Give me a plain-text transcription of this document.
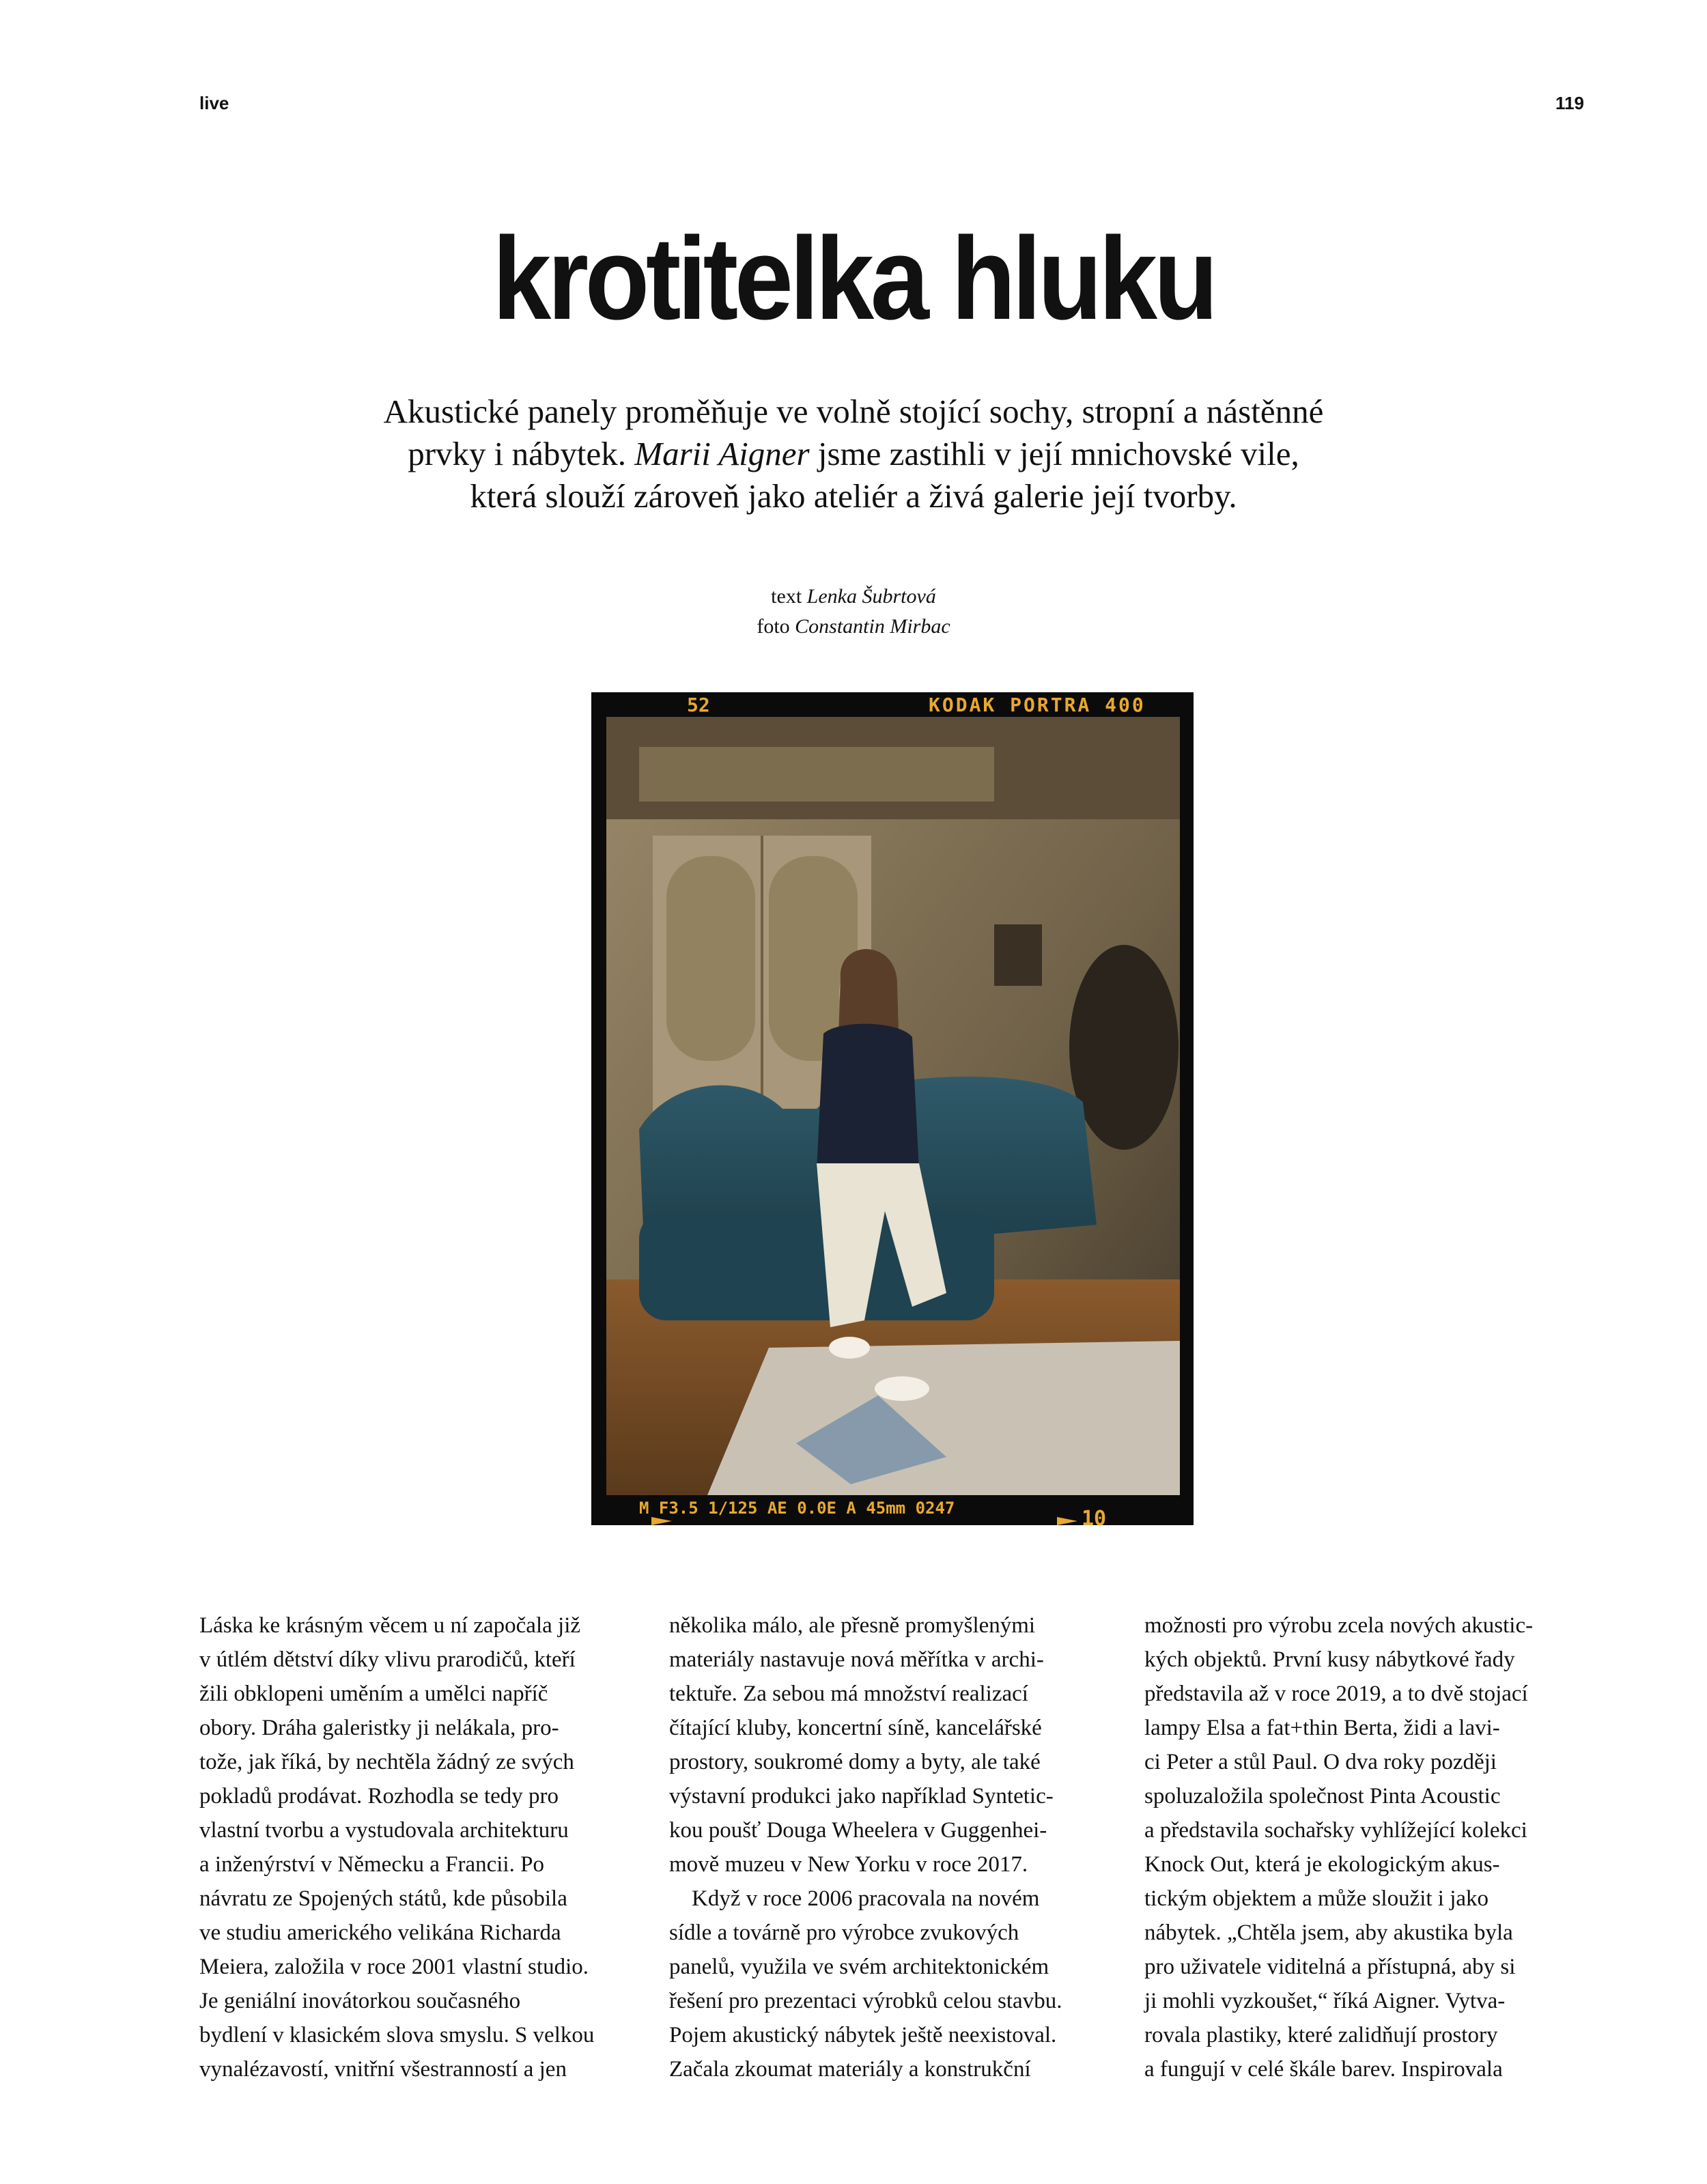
live	119
krotitelka hluku

Akustické panely proměňuje ve volně stojící sochy, stropní a nástěnné
prvky i nábytek. Marii Aigner jsme zastihli v její mnichovské vile,
která slouží zároveň jako ateliér a živá galerie její tvorby.

text Lenka Šubrtová
foto Constantin Mirbac
52	KODAK PORTRA 400
M F3.5 1/125 AE 0.0E A 45mm 0247	10

Láska ke krásným věcem u ní započala již
v útlém dětství díky vlivu prarodičů, kteří
žili obklopeni uměním a umělci napříč
obory. Dráha galeristky ji nelákala, pro-
tože, jak říká, by nechtěla žádný ze svých
pokladů prodávat. Rozhodla se tedy pro
vlastní tvorbu a vystudovala architekturu
a inženýrství v Německu a Francii. Po
návratu ze Spojených států, kde působila
ve studiu amerického velikána Richarda
Meiera, založila v roce 2001 vlastní studio.
Je geniální inovátorkou současného
bydlení v klasickém slova smyslu. S velkou
vynalézavostí, vnitřní všestranností a jen

několika málo, ale přesně promyšlenými
materiály nastavuje nová měřítka v archi-
tektuře. Za sebou má množství realizací
čítající kluby, koncertní síně, kancelářské
prostory, soukromé domy a byty, ale také
výstavní produkci jako například Syntetic-
kou poušť Douga Wheelera v Guggenhei-
mově muzeu v New Yorku v roce 2017.
Když v roce 2006 pracovala na novém
sídle a továrně pro výrobce zvukových
panelů, využila ve svém architektonickém
řešení pro prezentaci výrobků celou stavbu.
Pojem akustický nábytek ještě neexistoval.
Začala zkoumat materiály a konstrukční

možnosti pro výrobu zcela nových akustic-
kých objektů. První kusy nábytkové řady
představila až v roce 2019, a to dvě stojací
lampy Elsa a fat+thin Berta, židi a lavi-
ci Peter a stůl Paul. O dva roky později
spoluzaložila společnost Pinta Acoustic
a představila sochařsky vyhlížející kolekci
Knock Out, která je ekologickým akus-
tickým objektem a může sloužit i jako
nábytek. „Chtěla jsem, aby akustika byla
pro uživatele viditelná a přístupná, aby si
ji mohli vyzkoušet,“ říká Aigner. Vytva-
rovala plastiky, které zalidňují prostory
a fungují v celé škále barev. Inspirovala
